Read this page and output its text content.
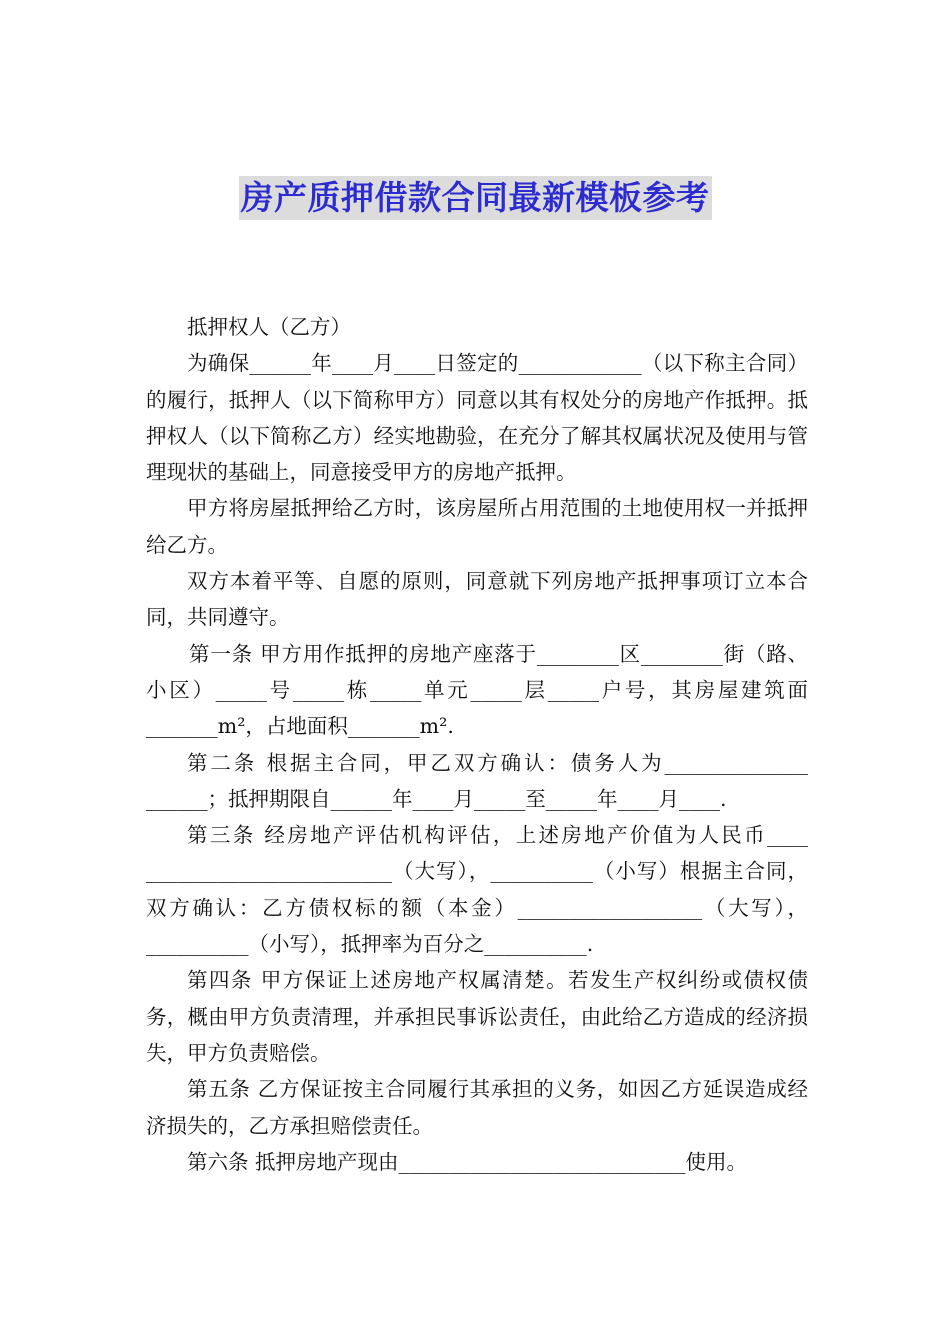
房产质押借款合同最新模板参考

抵押权人（乙方）

为确保______年____月____日签定的____________（以下称主合同）的履行，抵押人（以下简称甲方）同意以其有权处分的房地产作抵押。抵押权人（以下简称乙方）经实地勘验，在充分了解其权属状况及使用与管理现状的基础上，同意接受甲方的房地产抵押。

甲方将房屋抵押给乙方时，该房屋所占用范围的土地使用权一并抵押给乙方。

双方本着平等、自愿的原则，同意就下列房地产抵押事项订立本合同，共同遵守。

第一条 甲方用作抵押的房地产座落于________区________街（路、小区）_____号_____栋_____单元_____层_____户号，其房屋建筑面_______m²，占地面积_______m².

第二条 根据主合同，甲乙双方确认：债务人为______________ ______；抵押期限自______年____月_____至_____年____月____.

第三条 经房地产评估机构评估，上述房地产价值为人民币____ ________________________（大写），__________（小写）根据主合同，双方确认：乙方债权标的额（本金）__________________（大写），__________（小写），抵押率为百分之__________.

第四条 甲方保证上述房地产权属清楚。若发生产权纠纷或债权债务，概由甲方负责清理，并承担民事诉讼责任，由此给乙方造成的经济损失，甲方负责赔偿。

第五条 乙方保证按主合同履行其承担的义务，如因乙方延误造成经济损失的，乙方承担赔偿责任。

第六条 抵押房地产现由____________________________使用。
